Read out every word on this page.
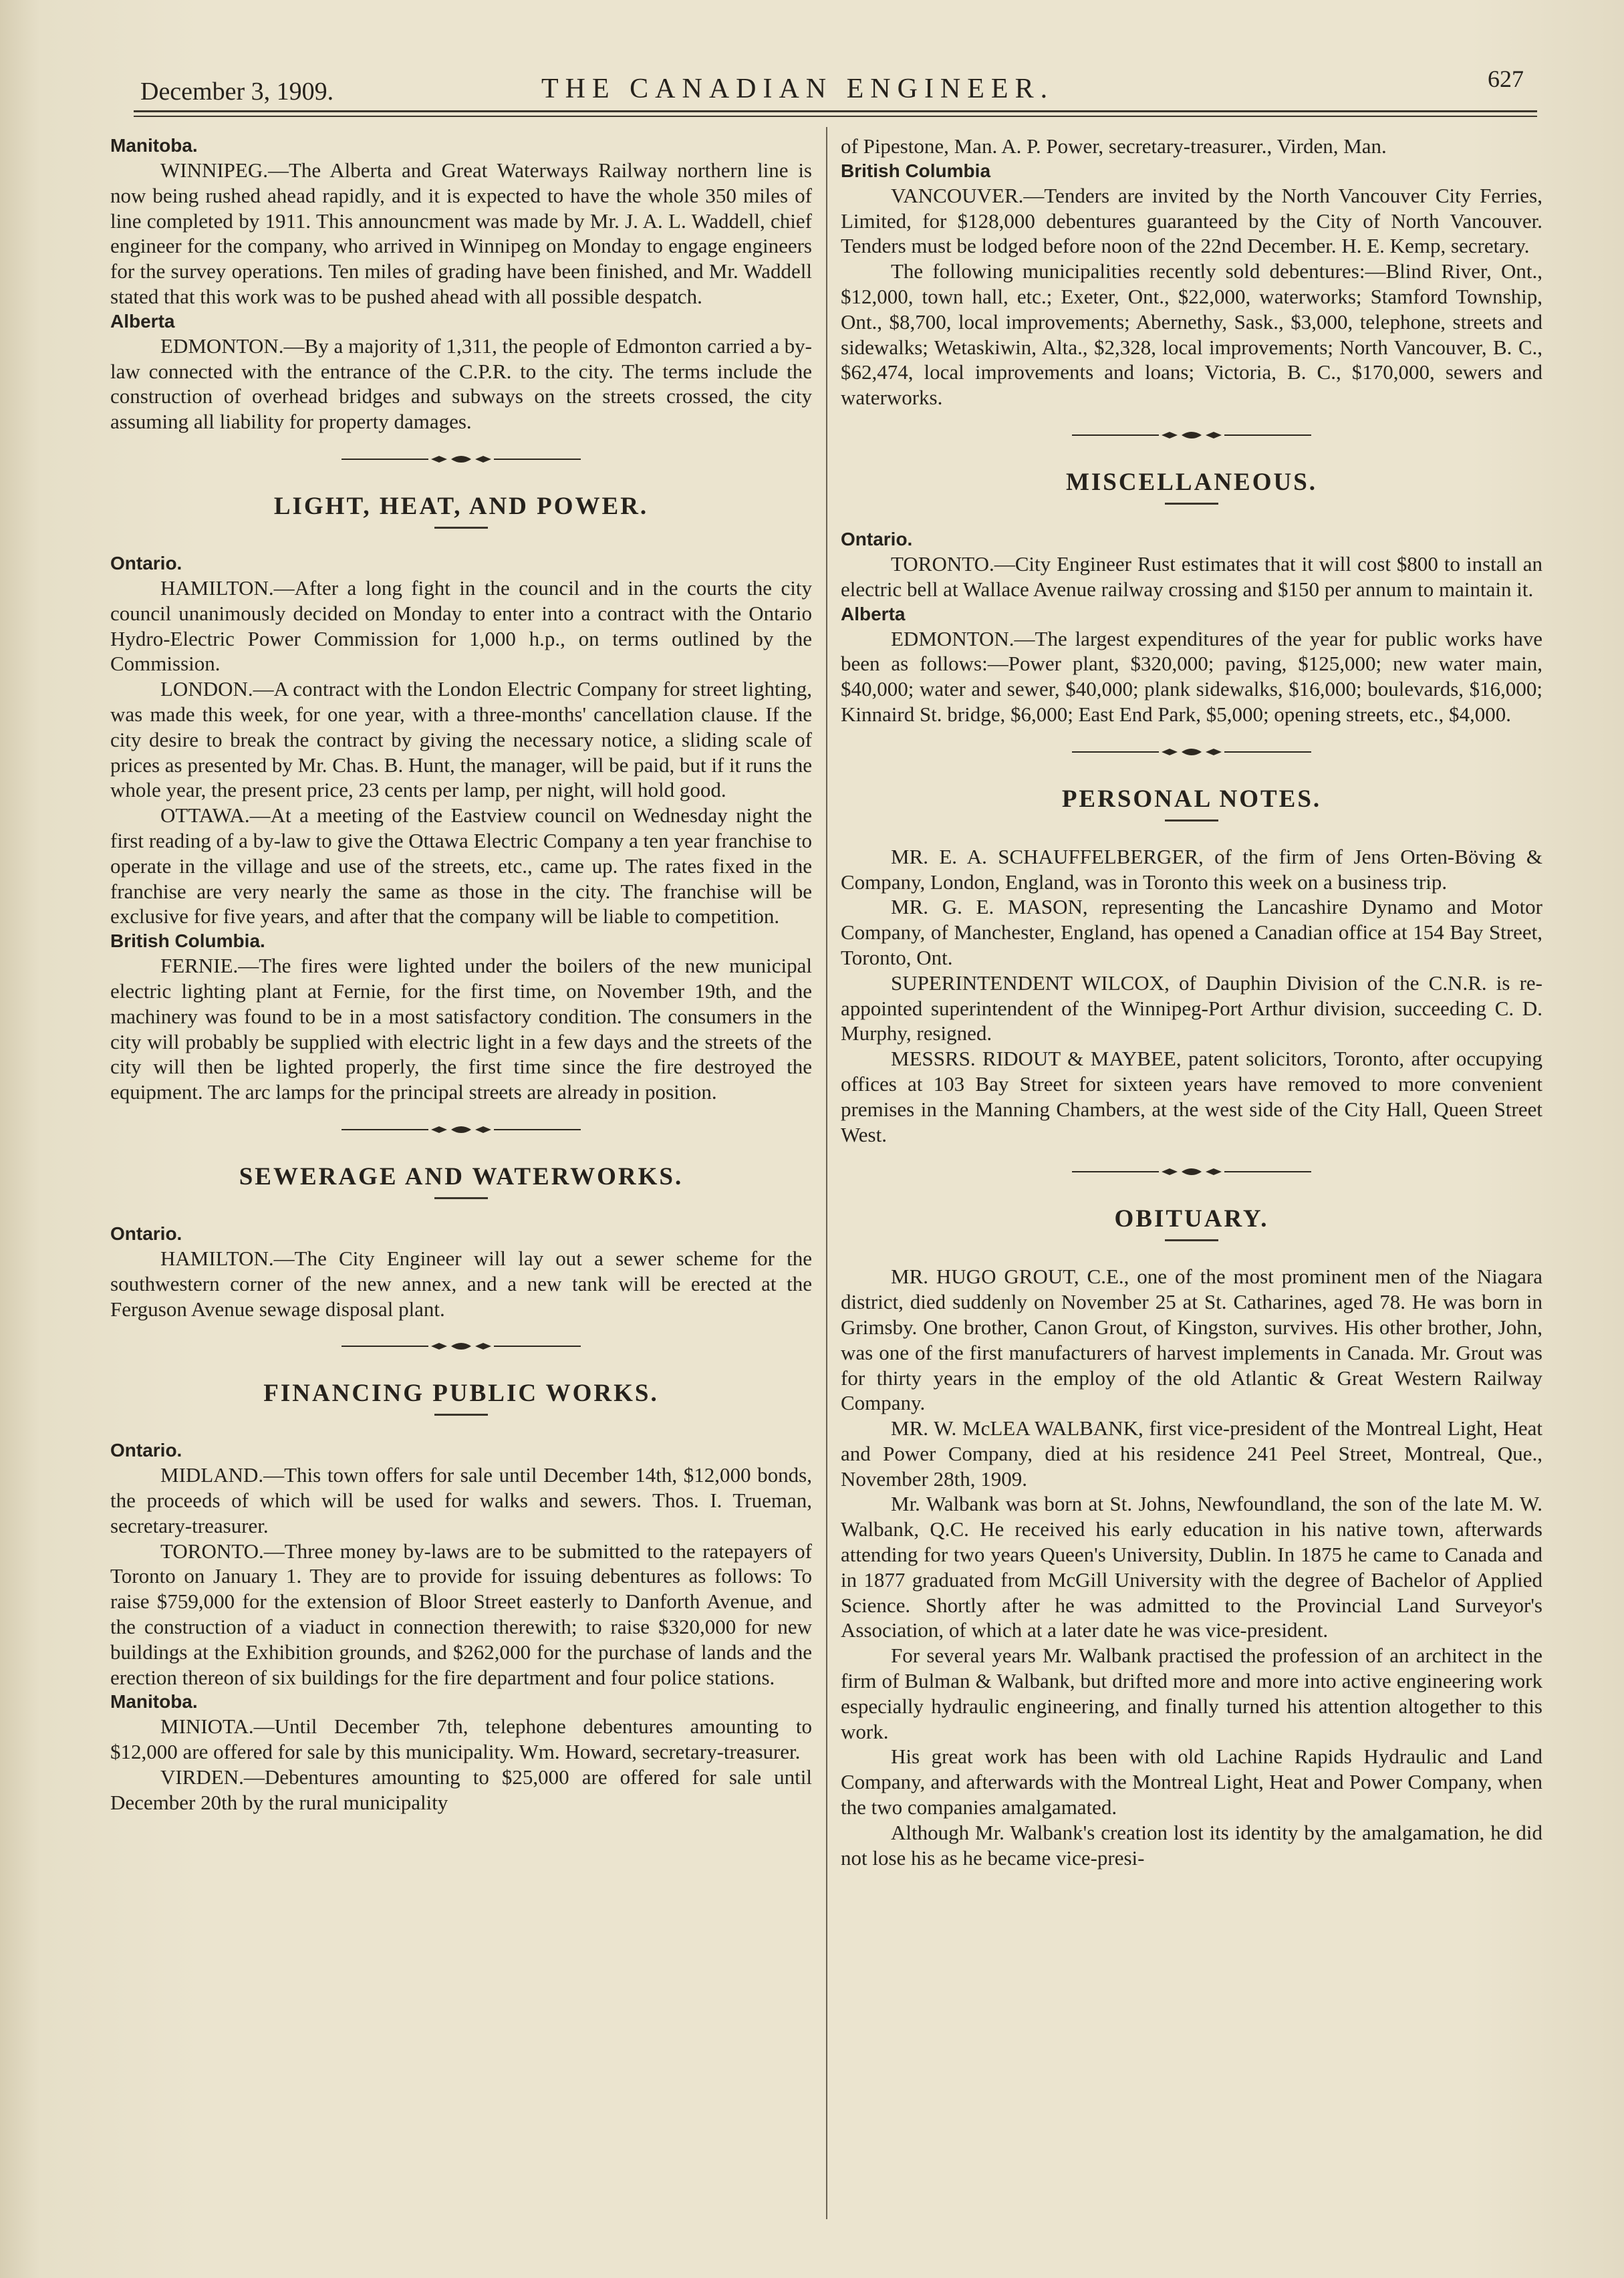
December 3, 1909.	THE CANADIAN ENGINEER.	627
Manitoba.

WINNIPEG.—The Alberta and Great Waterways Railway northern line is now being rushed ahead rapidly, and it is expected to have the whole 350 miles of line completed by 1911. This announcment was made by Mr. J. A. L. Waddell, chief engineer for the company, who arrived in Winnipeg on Monday to engage engineers for the survey operations. Ten miles of grading have been finished, and Mr. Waddell stated that this work was to be pushed ahead with all possible despatch.

Alberta

EDMONTON.—By a majority of 1,311, the people of Edmonton carried a by-law connected with the entrance of the C.P.R. to the city. The terms include the construction of overhead bridges and subways on the streets crossed, the city assuming all liability for property damages.

LIGHT, HEAT, AND POWER.
Ontario.

HAMILTON.—After a long fight in the council and in the courts the city council unanimously decided on Monday to enter into a contract with the Ontario Hydro-Electric Power Commission for 1,000 h.p., on terms outlined by the Commission.

LONDON.—A contract with the London Electric Company for street lighting, was made this week, for one year, with a three-months' cancellation clause. If the city desire to break the contract by giving the necessary notice, a sliding scale of prices as presented by Mr. Chas. B. Hunt, the manager, will be paid, but if it runs the whole year, the present price, 23 cents per lamp, per night, will hold good.

OTTAWA.—At a meeting of the Eastview council on Wednesday night the first reading of a by-law to give the Ottawa Electric Company a ten year franchise to operate in the village and use of the streets, etc., came up. The rates fixed in the franchise are very nearly the same as those in the city. The franchise will be exclusive for five years, and after that the company will be liable to competition.

British Columbia.

FERNIE.—The fires were lighted under the boilers of the new municipal electric lighting plant at Fernie, for the first time, on November 19th, and the machinery was found to be in a most satisfactory condition. The consumers in the city will probably be supplied with electric light in a few days and the streets of the city will then be lighted properly, the first time since the fire destroyed the equipment. The arc lamps for the principal streets are already in position.

SEWERAGE AND WATERWORKS.
Ontario.

HAMILTON.—The City Engineer will lay out a sewer scheme for the southwestern corner of the new annex, and a new tank will be erected at the Ferguson Avenue sewage disposal plant.

FINANCING PUBLIC WORKS.
Ontario.

MIDLAND.—This town offers for sale until December 14th, $12,000 bonds, the proceeds of which will be used for walks and sewers. Thos. I. Trueman, secretary-treasurer.

TORONTO.—Three money by-laws are to be submitted to the ratepayers of Toronto on January 1. They are to provide for issuing debentures as follows: To raise $759,000 for the extension of Bloor Street easterly to Danforth Avenue, and the construction of a viaduct in connection therewith; to raise $320,000 for new buildings at the Exhibition grounds, and $262,000 for the purchase of lands and the erection thereon of six buildings for the fire department and four police stations.

Manitoba.

MINIOTA.—Until December 7th, telephone debentures amounting to $12,000 are offered for sale by this municipality. Wm. Howard, secretary-treasurer.

VIRDEN.—Debentures amounting to $25,000 are offered for sale until December 20th by the rural municipality

of Pipestone, Man. A. P. Power, secretary-treasurer., Virden, Man.

British Columbia

VANCOUVER.—Tenders are invited by the North Vancouver City Ferries, Limited, for $128,000 debentures guaranteed by the City of North Vancouver. Tenders must be lodged before noon of the 22nd December. H. E. Kemp, secretary.

The following municipalities recently sold debentures:—Blind River, Ont., $12,000, town hall, etc.; Exeter, Ont., $22,000, waterworks; Stamford Township, Ont., $8,700, local improvements; Abernethy, Sask., $3,000, telephone, streets and sidewalks; Wetaskiwin, Alta., $2,328, local improvements; North Vancouver, B. C., $62,474, local improvements and loans; Victoria, B. C., $170,000, sewers and waterworks.

MISCELLANEOUS.
Ontario.

TORONTO.—City Engineer Rust estimates that it will cost $800 to install an electric bell at Wallace Avenue railway crossing and $150 per annum to maintain it.

Alberta

EDMONTON.—The largest expenditures of the year for public works have been as follows:—Power plant, $320,000; paving, $125,000; new water main, $40,000; water and sewer, $40,000; plank sidewalks, $16,000; boulevards, $16,000; Kinnaird St. bridge, $6,000; East End Park, $5,000; opening streets, etc., $4,000.

PERSONAL NOTES.

MR. E. A. SCHAUFFELBERGER, of the firm of Jens Orten-Böving & Company, London, England, was in Toronto this week on a business trip.

MR. G. E. MASON, representing the Lancashire Dynamo and Motor Company, of Manchester, England, has opened a Canadian office at 154 Bay Street, Toronto, Ont.

SUPERINTENDENT WILCOX, of Dauphin Division of the C.N.R. is re-appointed superintendent of the Winnipeg-Port Arthur division, succeeding C. D. Murphy, resigned.

MESSRS. RIDOUT & MAYBEE, patent solicitors, Toronto, after occupying offices at 103 Bay Street for sixteen years have removed to more convenient premises in the Manning Chambers, at the west side of the City Hall, Queen Street West.

OBITUARY.

MR. HUGO GROUT, C.E., one of the most prominent men of the Niagara district, died suddenly on November 25 at St. Catharines, aged 78. He was born in Grimsby. One brother, Canon Grout, of Kingston, survives. His other brother, John, was one of the first manufacturers of harvest implements in Canada. Mr. Grout was for thirty years in the employ of the old Atlantic & Great Western Railway Company.

MR. W. McLEA WALBANK, first vice-president of the Montreal Light, Heat and Power Company, died at his residence 241 Peel Street, Montreal, Que., November 28th, 1909.

Mr. Walbank was born at St. Johns, Newfoundland, the son of the late M. W. Walbank, Q.C. He received his early education in his native town, afterwards attending for two years Queen's University, Dublin. In 1875 he came to Canada and in 1877 graduated from McGill University with the degree of Bachelor of Applied Science. Shortly after he was admitted to the Provincial Land Surveyor's Association, of which at a later date he was vice-president.

For several years Mr. Walbank practised the profession of an architect in the firm of Bulman & Walbank, but drifted more and more into active engineering work especially hydraulic engineering, and finally turned his attention altogether to this work.

His great work has been with old Lachine Rapids Hydraulic and Land Company, and afterwards with the Montreal Light, Heat and Power Company, when the two companies amalgamated.

Although Mr. Walbank's creation lost its identity by the amalgamation, he did not lose his as he became vice-presi-
